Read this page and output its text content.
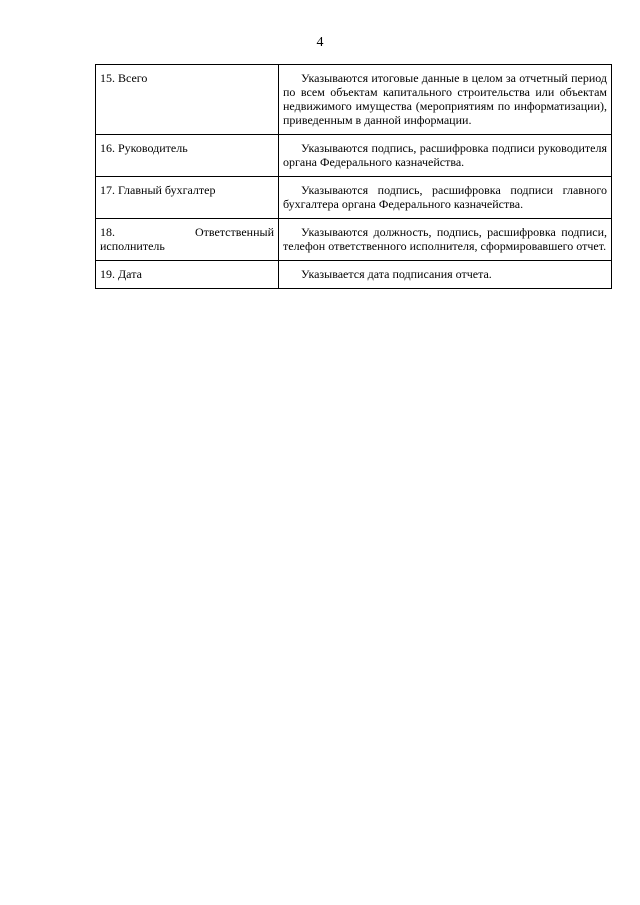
4
15. Всего	Указываются итоговые данные в целом за отчетный период по всем объектам капитального строительства или объектам недвижимого имущества (мероприятиям по информатизации), приведенным в данной информации.
16. Руководитель	Указываются подпись, расшифровка подписи руководителя органа Федерального казначейства.
17. Главный бухгалтер	Указываются подпись, расшифровка подписи главного бухгалтера органа Федерального казначейства.

18. Ответственный
исполнитель	Указываются должность, подпись, расшифровка подписи, телефон ответственного исполнителя, сформировавшего отчет.
19. Дата	Указывается дата подписания отчета.
